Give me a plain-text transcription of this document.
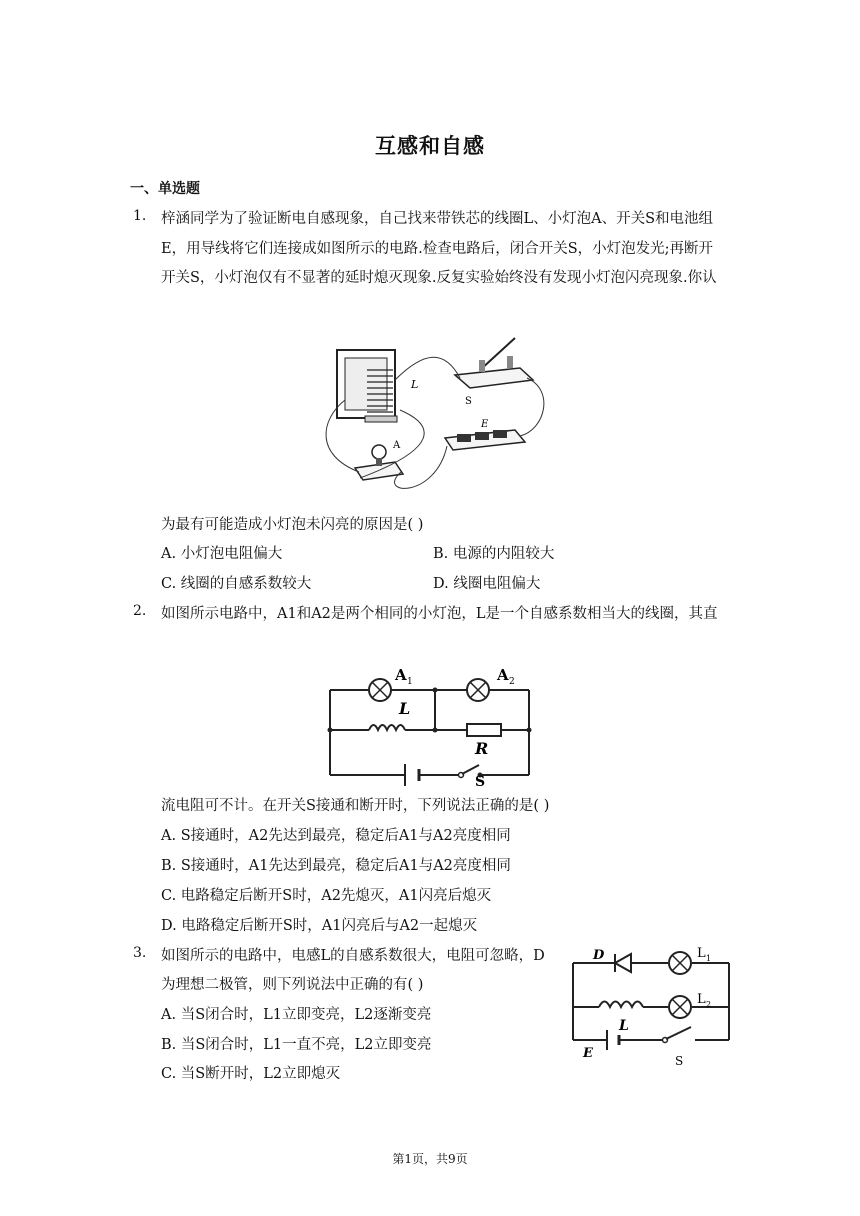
互感和自感
一、单选题
1. 梓涵同学为了验证断电自感现象，自己找来带铁芯的线圈L、小灯泡A、开关S和电池组
E，用导线将它们连接成如图所示的电路.检查电路后，闭合开关S，小灯泡发光;再断开
开关S，小灯泡仅有不显著的延时熄灭现象.反复实验始终没有发现小灯泡闪亮现象.你认
L
S
E
A
为最有可能造成小灯泡未闪亮的原因是( )
A. 小灯泡电阻偏大	B. 电源的内阻较大
C. 线圈的自感系数较大	D. 线圈电阻偏大
2. 如图所示电路中，A1和A2是两个相同的小灯泡，L是一个自感系数相当大的线圈，其直
A 1	A 2
L
R
S
流电阻可不计。在开关S接通和断开时，下列说法正确的是( )
A. S接通时，A2先达到最亮，稳定后A1与A2亮度相同
B. S接通时，A1先达到最亮，稳定后A1与A2亮度相同
C. 电路稳定后断开S时，A2先熄灭，A1闪亮后熄灭
D. 电路稳定后断开S时，A1闪亮后与A2一起熄灭
3. 如图所示的电路中，电感L的自感系数很大，电阻可忽略，D
为理想二极管，则下列说法中正确的有( )
A. 当S闭合时，L1立即变亮，L2逐渐变亮
B. 当S闭合时，L1一直不亮，L2立即变亮
C. 当S断开时，L2立即熄灭
D	L 1
L
L 2
E	S
第1页，共9页
